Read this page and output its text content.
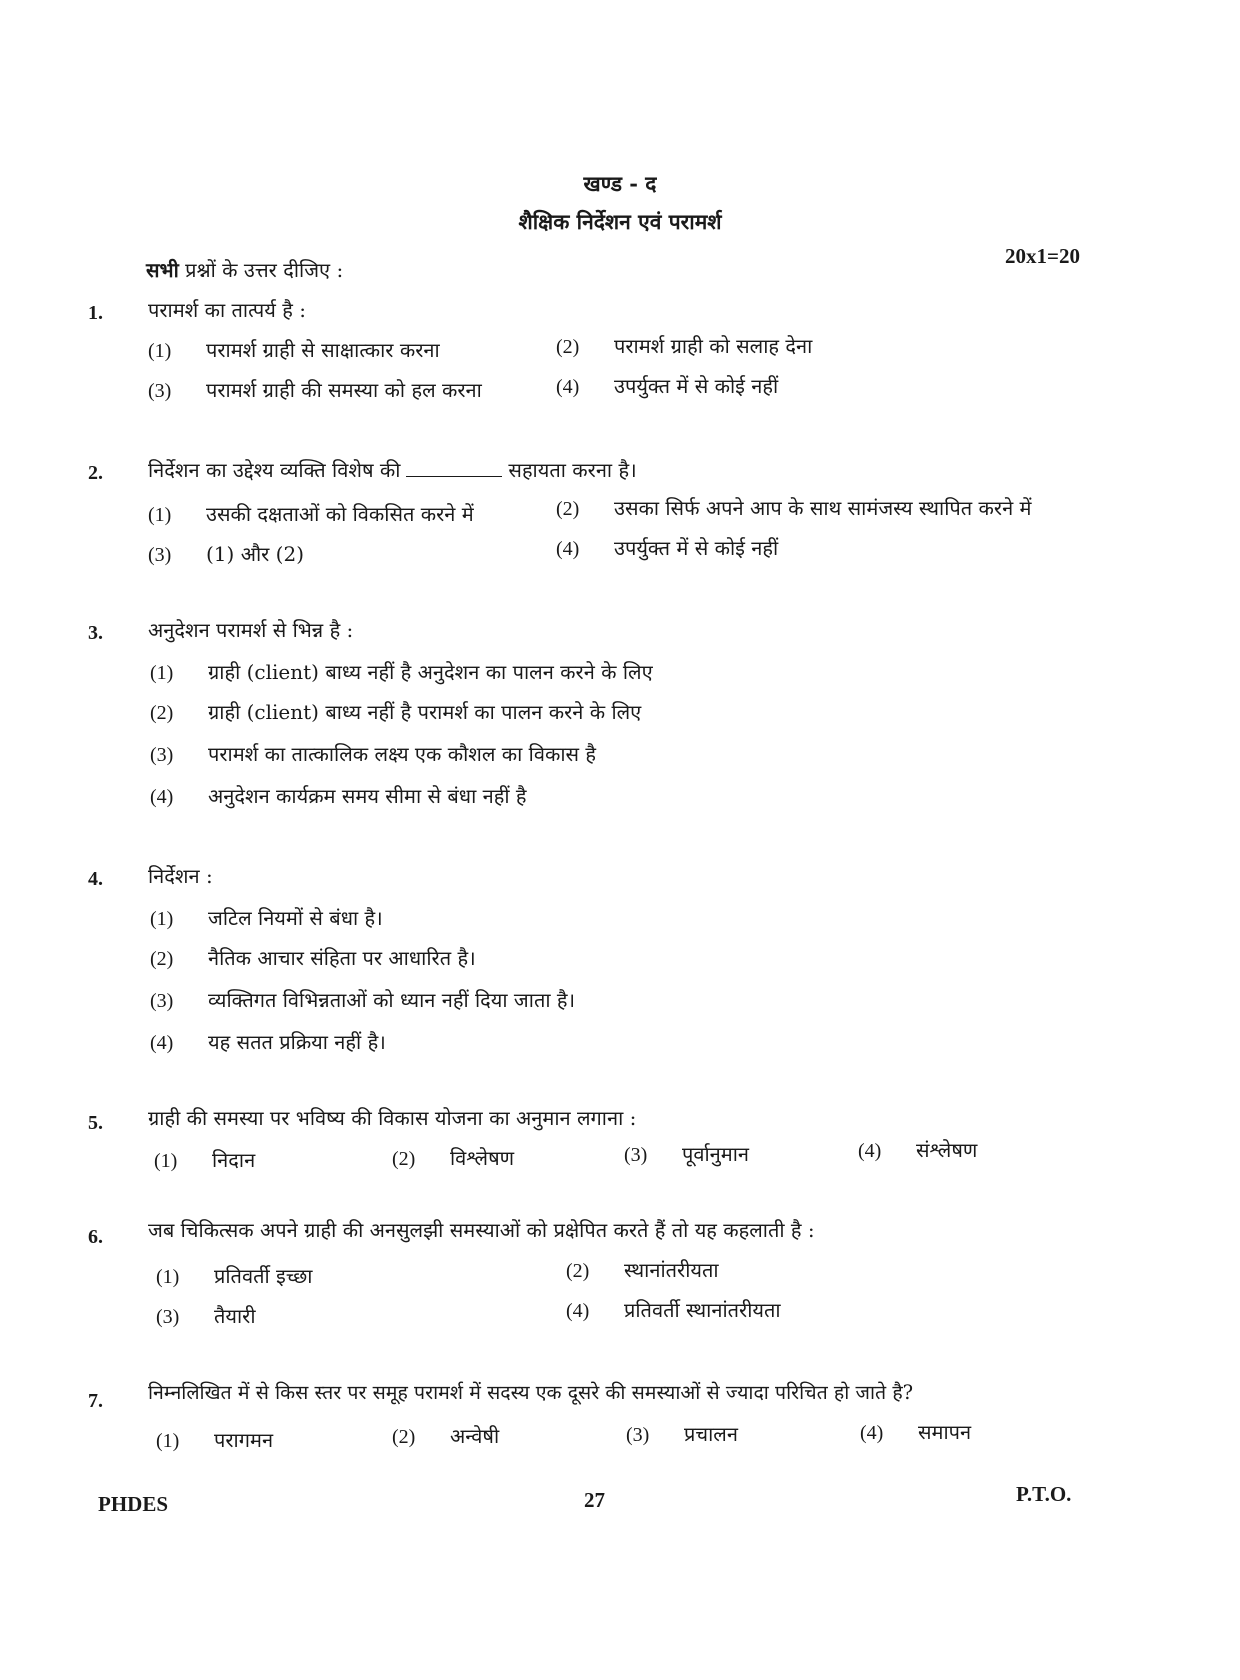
खण्ड - द
शैक्षिक निर्देशन एवं परामर्श
सभी प्रश्नों के उत्तर दीजिए :
20x1=20
1. परामर्श का तात्पर्य है :
(1) परामर्श ग्राही से साक्षात्कार करना	(2) परामर्श ग्राही को सलाह देना
(3) परामर्श ग्राही की समस्या को हल करना	(4) उपर्युक्त में से कोई नहीं
2. निर्देशन का उद्देश्य व्यक्ति विशेष की	सहायता करना है।
(1) उसकी दक्षताओं को विकसित करने में	(2) उसका सिर्फ अपने आप के साथ सामंजस्य स्थापित करने में
(3) (1) और (2)	(4) उपर्युक्त में से कोई नहीं
3. अनुदेशन परामर्श से भिन्न है :
(1) ग्राही (client) बाध्य नहीं है अनुदेशन का पालन करने के लिए
(2) ग्राही (client) बाध्य नहीं है परामर्श का पालन करने के लिए
(3) परामर्श का तात्कालिक लक्ष्य एक कौशल का विकास है
(4) अनुदेशन कार्यक्रम समय सीमा से बंधा नहीं है
4. निर्देशन :
(1) जटिल नियमों से बंधा है।
(2) नैतिक आचार संहिता पर आधारित है।
(3) व्यक्तिगत विभिन्नताओं को ध्यान नहीं दिया जाता है।
(4) यह सतत प्रक्रिया नहीं है।
5. ग्राही की समस्या पर भविष्य की विकास योजना का अनुमान लगाना :
(1) निदान	(2) विश्लेषण	(3) पूर्वानुमान	(4) संश्लेषण
6. जब चिकित्सक अपने ग्राही की अनसुलझी समस्याओं को प्रक्षेपित करते हैं तो यह कहलाती है :
(1) प्रतिवर्ती इच्छा	(2) स्थानांतरीयता
(3) तैयारी	(4) प्रतिवर्ती स्थानांतरीयता
7. निम्नलिखित में से किस स्तर पर समूह परामर्श में सदस्य एक दूसरे की समस्याओं से ज्यादा परिचित हो जाते है?
(1) परागमन	(2) अन्वेषी	(3) प्रचालन	(4) समापन
PHDES	27	P.T.O.
